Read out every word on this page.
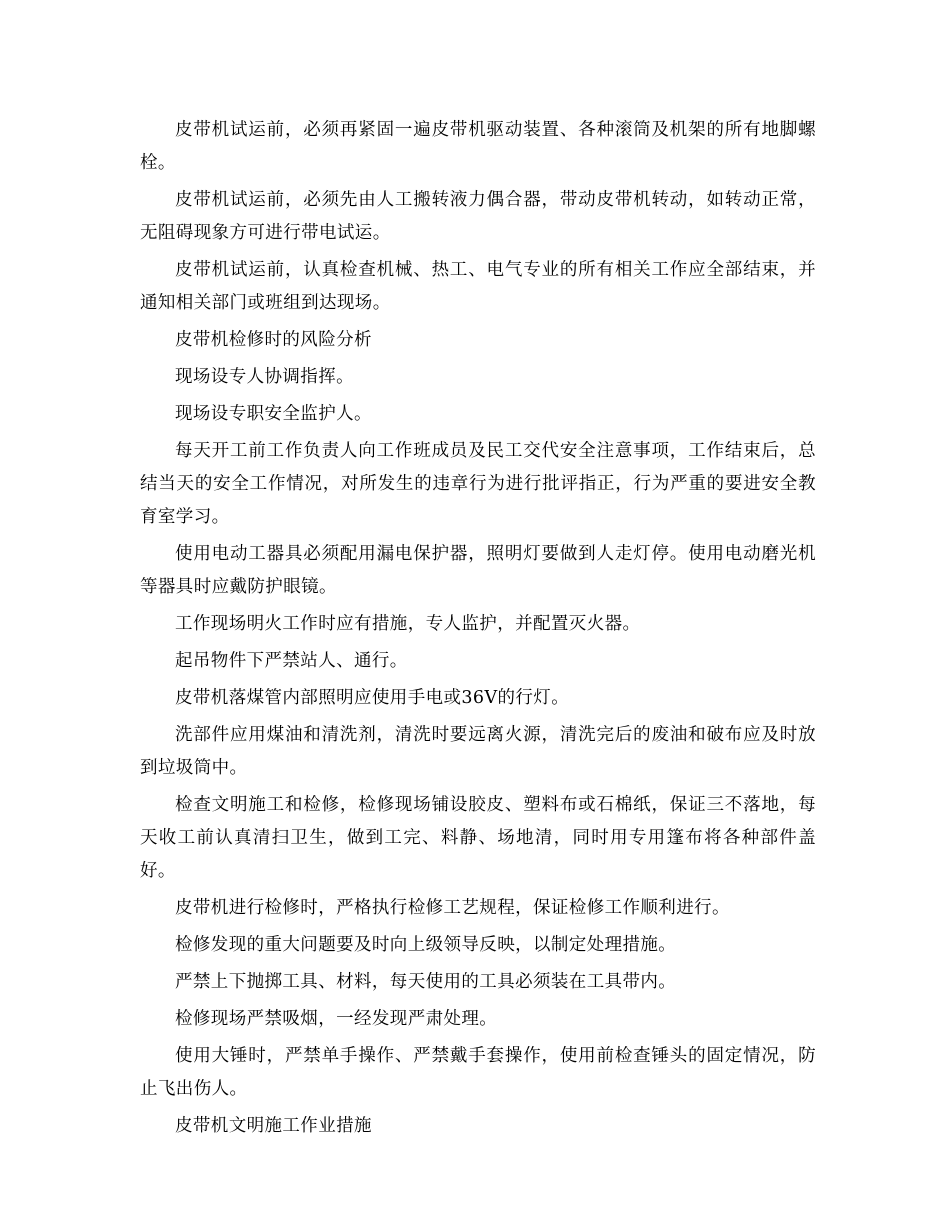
皮带机试运前，必须再紧固一遍皮带机驱动装置、各种滚筒及机架的所有地脚螺栓。

皮带机试运前，必须先由人工搬转液力偶合器，带动皮带机转动，如转动正常，无阻碍现象方可进行带电试运。

皮带机试运前，认真检查机械、热工、电气专业的所有相关工作应全部结束，并通知相关部门或班组到达现场。

皮带机检修时的风险分析

现场设专人协调指挥。

现场设专职安全监护人。

每天开工前工作负责人向工作班成员及民工交代安全注意事项，工作结束后，总结当天的安全工作情况，对所发生的违章行为进行批评指正，行为严重的要进安全教育室学习。

使用电动工器具必须配用漏电保护器，照明灯要做到人走灯停。使用电动磨光机等器具时应戴防护眼镜。

工作现场明火工作时应有措施，专人监护，并配置灭火器。

起吊物件下严禁站人、通行。

皮带机落煤管内部照明应使用手电或36V的行灯。

洗部件应用煤油和清洗剂，清洗时要远离火源，清洗完后的废油和破布应及时放到垃圾筒中。

检查文明施工和检修，检修现场铺设胶皮、塑料布或石棉纸，保证三不落地，每天收工前认真清扫卫生，做到工完、料静、场地清，同时用专用篷布将各种部件盖好。

皮带机进行检修时，严格执行检修工艺规程，保证检修工作顺利进行。

检修发现的重大问题要及时向上级领导反映，以制定处理措施。

严禁上下抛掷工具、材料，每天使用的工具必须装在工具带内。

检修现场严禁吸烟，一经发现严肃处理。

使用大锤时，严禁单手操作、严禁戴手套操作，使用前检查锤头的固定情况，防止飞出伤人。

皮带机文明施工作业措施
